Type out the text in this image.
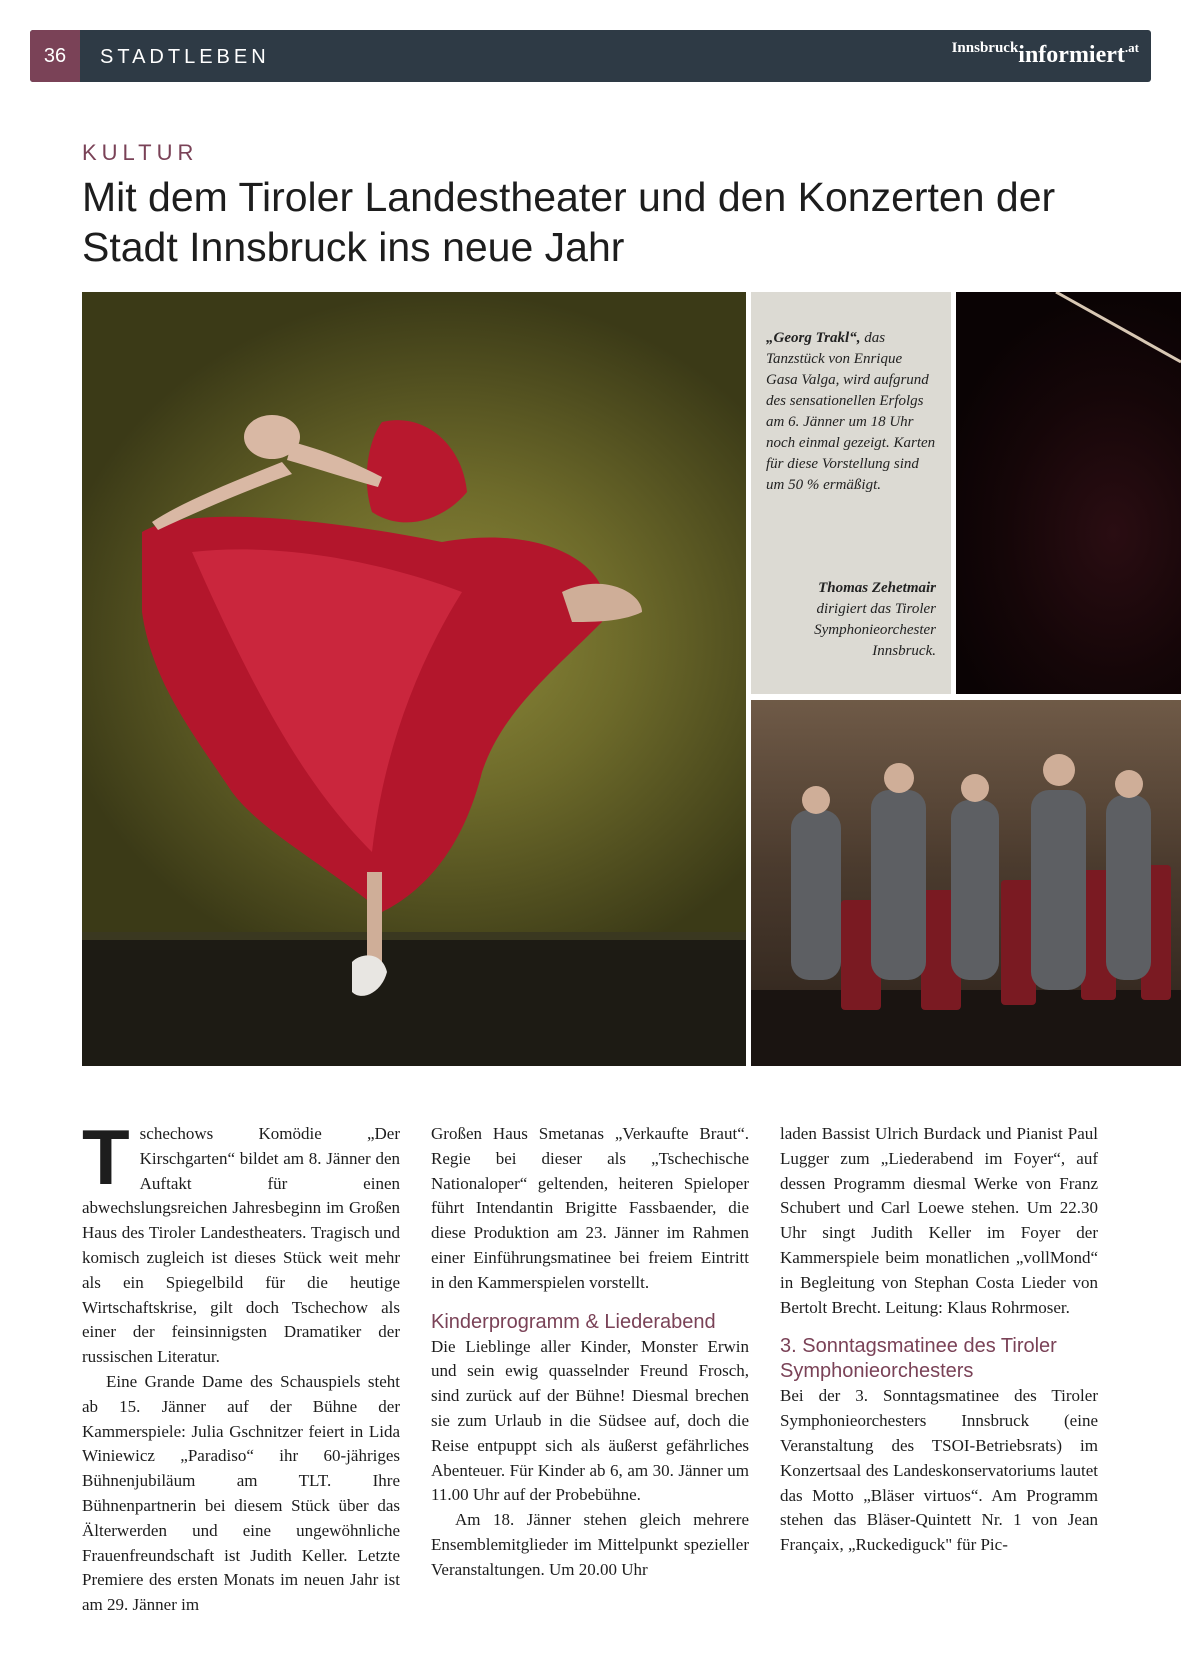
36	STADTLEBEN	Innsbruckinformiert$^{.at}$
KULTUR
Mit dem Tiroler Landestheater und den Konzerten der Stadt Innsbruck ins neue Jahr
„Georg Trakl“, das Tanzstück von Enrique Gasa Valga, wird aufgrund des sensationellen Erfolgs am 6. Jänner um 18 Uhr noch einmal gezeigt. Karten für diese Vorstellung sind um 50 % ermäßigt.
Thomas Zehetmair dirigiert das Tiroler Symphonieorchester Innsbruck.

Tschechows Komödie „Der Kirschgarten“ bildet am 8. Jänner den Auftakt für einen abwechslungsreichen Jahresbeginn im Großen Haus des Tiroler Landestheaters. Tragisch und komisch zugleich ist dieses Stück weit mehr als ein Spiegelbild für die heutige Wirtschaftskrise, gilt doch Tschechow als einer der feinsinnigsten Dramatiker der russischen Literatur.

Eine Grande Dame des Schauspiels steht ab 15. Jänner auf der Bühne der Kammerspiele: Julia Gschnitzer feiert in Lida Winiewicz „Paradiso“ ihr 60-jähriges Bühnenjubiläum am TLT. Ihre Bühnenpartnerin bei diesem Stück über das Älterwerden und eine ungewöhnliche Frauenfreundschaft ist Judith Keller. Letzte Premiere des ersten Monats im neuen Jahr ist am 29. Jänner im

Großen Haus Smetanas „Verkaufte Braut“. Regie bei dieser als „Tschechische Nationaloper“ geltenden, heiteren Spieloper führt Intendantin Brigitte Fassbaender, die diese Produktion am 23. Jänner im Rahmen einer Einführungsmatinee bei freiem Eintritt in den Kammerspielen vorstellt.

Kinderprogramm & Liederabend

Die Lieblinge aller Kinder, Monster Erwin und sein ewig quasselnder Freund Frosch, sind zurück auf der Bühne! Diesmal brechen sie zum Urlaub in die Südsee auf, doch die Reise entpuppt sich als äußerst gefährliches Abenteuer. Für Kinder ab 6, am 30. Jänner um 11.00 Uhr auf der Probebühne.

Am 18. Jänner stehen gleich mehrere Ensemblemitglieder im Mittelpunkt spezieller Veranstaltungen. Um 20.00 Uhr

laden Bassist Ulrich Burdack und Pianist Paul Lugger zum „Liederabend im Foyer“, auf dessen Programm diesmal Werke von Franz Schubert und Carl Loewe stehen. Um 22.30 Uhr singt Judith Keller im Foyer der Kammerspiele beim monatlichen „vollMond“ in Begleitung von Stephan Costa Lieder von Bertolt Brecht. Leitung: Klaus Rohrmoser.

3. Sonntagsmatinee des Tiroler Symphonieorchesters

Bei der 3. Sonntagsmatinee des Tiroler Symphonieorchesters Innsbruck (eine Veranstaltung des TSOI-Betriebsrats) im Konzertsaal des Landeskonservatoriums lautet das Motto „Bläser virtuos“. Am Programm stehen das Bläser-Quintett Nr. 1 von Jean Françaix, „Ruckediguck" für Pic-
